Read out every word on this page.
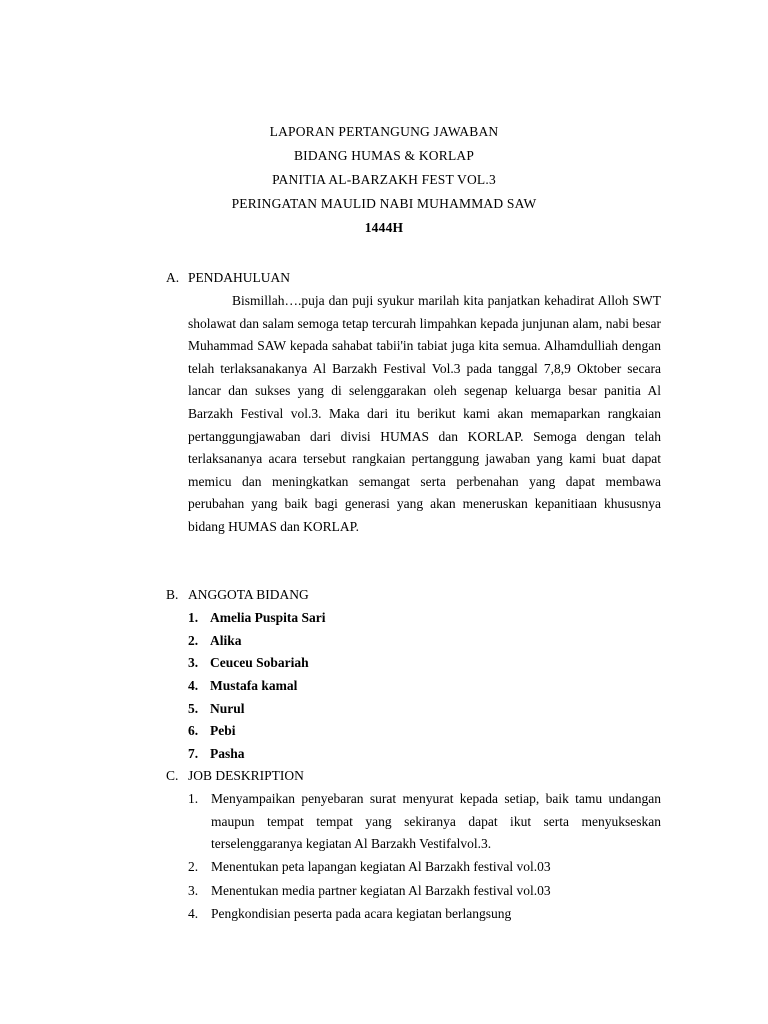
LAPORAN PERTANGUNG JAWABAN
BIDANG HUMAS & KORLAP
PANITIA AL-BARZAKH FEST VOL.3
PERINGATAN MAULID NABI MUHAMMAD SAW
1444H
A. PENDAHULUAN

Bismillah….puja dan puji syukur marilah kita panjatkan kehadirat Alloh SWT sholawat dan salam semoga tetap tercurah limpahkan kepada junjunan alam, nabi besar Muhammad SAW kepada sahabat tabii'in tabiat juga kita semua. Alhamdulliah dengan telah terlaksanakanya Al Barzakh Festival Vol.3 pada tanggal 7,8,9 Oktober secara lancar dan sukses yang di selenggarakan oleh segenap keluarga besar panitia Al Barzakh Festival vol.3. Maka dari itu berikut kami akan memaparkan rangkaian pertanggungjawaban dari divisi HUMAS dan KORLAP. Semoga dengan telah terlaksananya acara tersebut rangkaian pertanggung jawaban yang kami buat dapat memicu dan meningkatkan semangat serta perbenahan yang dapat membawa perubahan yang baik bagi generasi yang akan meneruskan kepanitiaan khususnya bidang HUMAS dan KORLAP.

B. ANGGOTA BIDANG
1. Amelia Puspita Sari
2. Alika
3. Ceuceu Sobariah
4. Mustafa kamal
5. Nurul
6. Pebi
7. Pasha
C. JOB DESKRIPTION
1. Menyampaikan penyebaran surat menyurat kepada setiap, baik tamu undangan maupun tempat tempat yang sekiranya dapat ikut serta menyukseskan terselenggaranya kegiatan Al Barzakh Vestifalvol.3.
2. Menentukan peta lapangan kegiatan Al Barzakh festival vol.03
3. Menentukan media partner kegiatan Al Barzakh festival vol.03
4. Pengkondisian peserta pada acara kegiatan berlangsung
